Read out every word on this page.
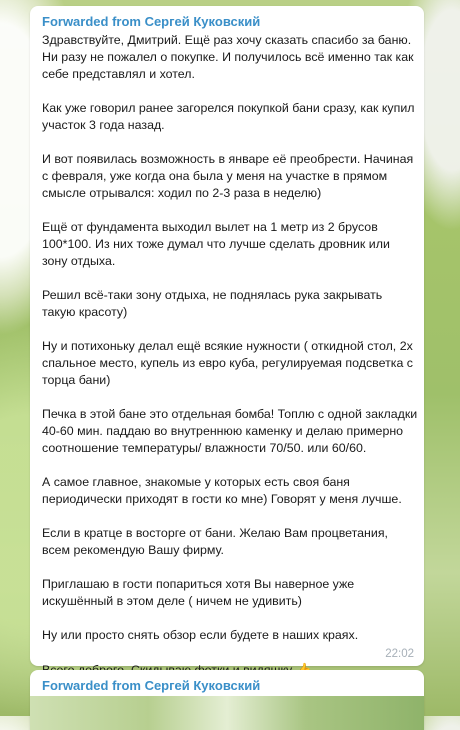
Forwarded from Сергей Куковский

Здравствуйте, Дмитрий. Ещё раз хочу сказать спасибо за баню. Ни разу не пожалел о покупке. И получилось всё именно так как себе представлял и хотел.

Как уже говорил ранее загорелся покупкой бани сразу, как купил участок 3 года назад.

И вот появилась возможность в январе её преобрести. Начиная с февраля, уже когда она была у меня на участке в прямом смысле отрывался: ходил по 2-3 раза в неделю)

Ещё от фундамента выходил вылет на 1 метр из 2 брусов 100*100. Из них тоже думал что лучше сделать дровник или зону отдыха.

Решил всё-таки зону отдыха, не поднялась рука закрывать такую красоту)

Ну и потихоньку делал ещё всякие нужности ( откидной стол, 2х спальное место, купель из евро куба, регулируемая подсветка с торца бани)

Печка в этой бане это отдельная бомба! Топлю с одной закладки 40-60 мин. паддаю во внутреннюю каменку и делаю примерно соотношение температуры/ влажности 70/50. или 60/60.

А самое главное, знакомые у которых есть своя баня периодически приходят в гости ко мне) Говорят у меня лучше.

Если в кратце в восторге от бани. Желаю Вам процветания, всем рекомендую Вашу фирму.

Приглашаю в гости попариться хотя Вы наверное уже искушённый в этом деле ( ничем не удивить)

Ну или просто снять обзор если будете в наших краях.

22:02
Forwarded from Сергей Куковский
